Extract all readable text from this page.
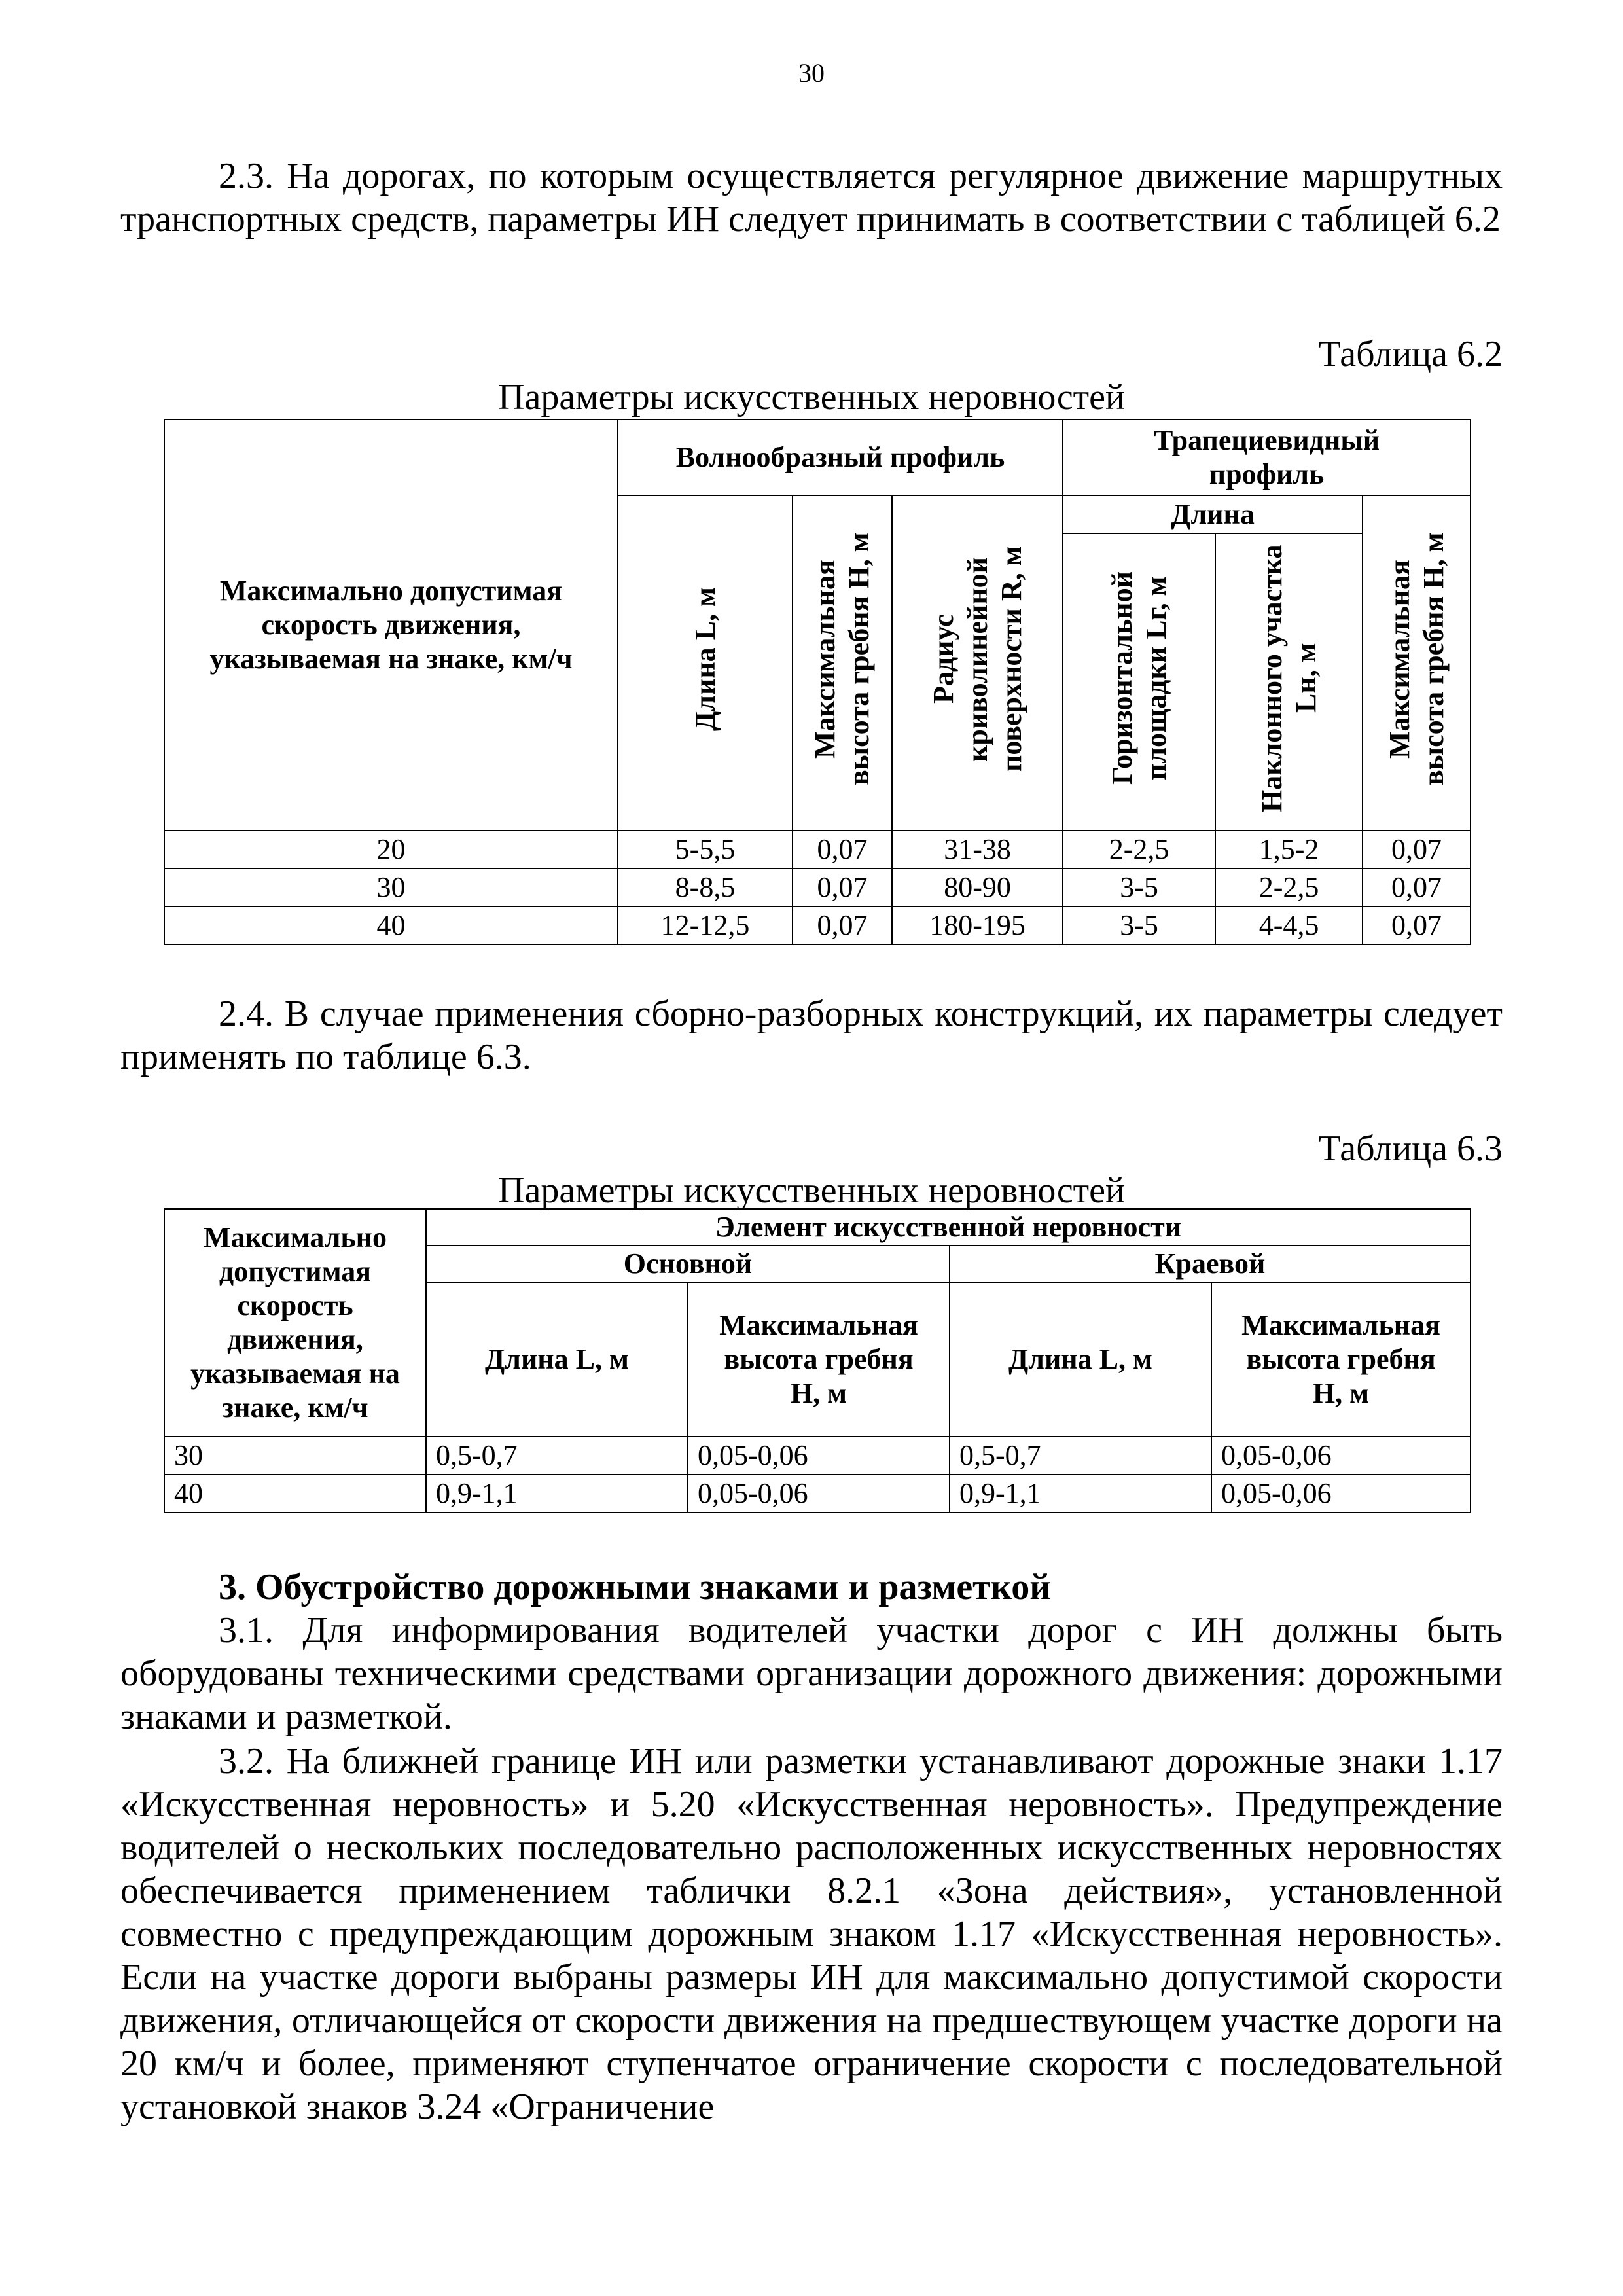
30

2.3. На дорогах, по которым осуществляется регулярное движение маршрутных транспортных средств, параметры ИН следует принимать в соответствии с таблицей 6.2

Таблица 6.2
Параметры искусственных неровностей
Максимально допустимая скорость движения, указываемая на знаке, км/ч	Волнообразный профиль			Трапециевидный профиль		
	Длина L, м	Максимальная высота гребня H, м	Радиус криволинейной поверхности R, м	Длина		Максимальная высота гребня H, м
				Горизонтальной площадки Lг, м	Наклонного участка Lн, м	
20	5-5,5	0,07	31-38	2-2,5	1,5-2	0,07
30	8-8,5	0,07	80-90	3-5	2-2,5	0,07
40	12-12,5	0,07	180-195	3-5	4-4,5	0,07

2.4. В случае применения сборно-разборных конструкций, их параметры следует применять по таблице 6.3.

Таблица 6.3
Параметры искусственных неровностей
Максимально допустимая скорость движения, указываемая на знаке, км/ч	Элемент искусственной неровности			
	Основной		Краевой	
	Длина L, м	Максимальная высота гребня H, м	Длина L, м	Максимальная высота гребня H, м
30	0,5-0,7	0,05-0,06	0,5-0,7	0,05-0,06
40	0,9-1,1	0,05-0,06	0,9-1,1	0,05-0,06
3. Обустройство дорожными знаками и разметкой

3.1. Для информирования водителей участки дорог с ИН должны быть оборудованы техническими средствами организации дорожного движения: дорожными знаками и разметкой.

3.2. На ближней границе ИН или разметки устанавливают дорожные знаки 1.17 «Искусственная неровность» и 5.20 «Искусственная неровность». Предупреждение водителей о нескольких последовательно расположенных искусственных неровностях обеспечивается применением таблички 8.2.1 «Зона действия», установленной совместно с предупреждающим дорожным знаком 1.17 «Искусственная неровность». Если на участке дороги выбраны размеры ИН для максимально допустимой скорости движения, отличающейся от скорости движения на предшествующем участке дороги на 20 км/ч и более, применяют ступенчатое ограничение скорости с последовательной установкой знаков 3.24 «Ограничение
